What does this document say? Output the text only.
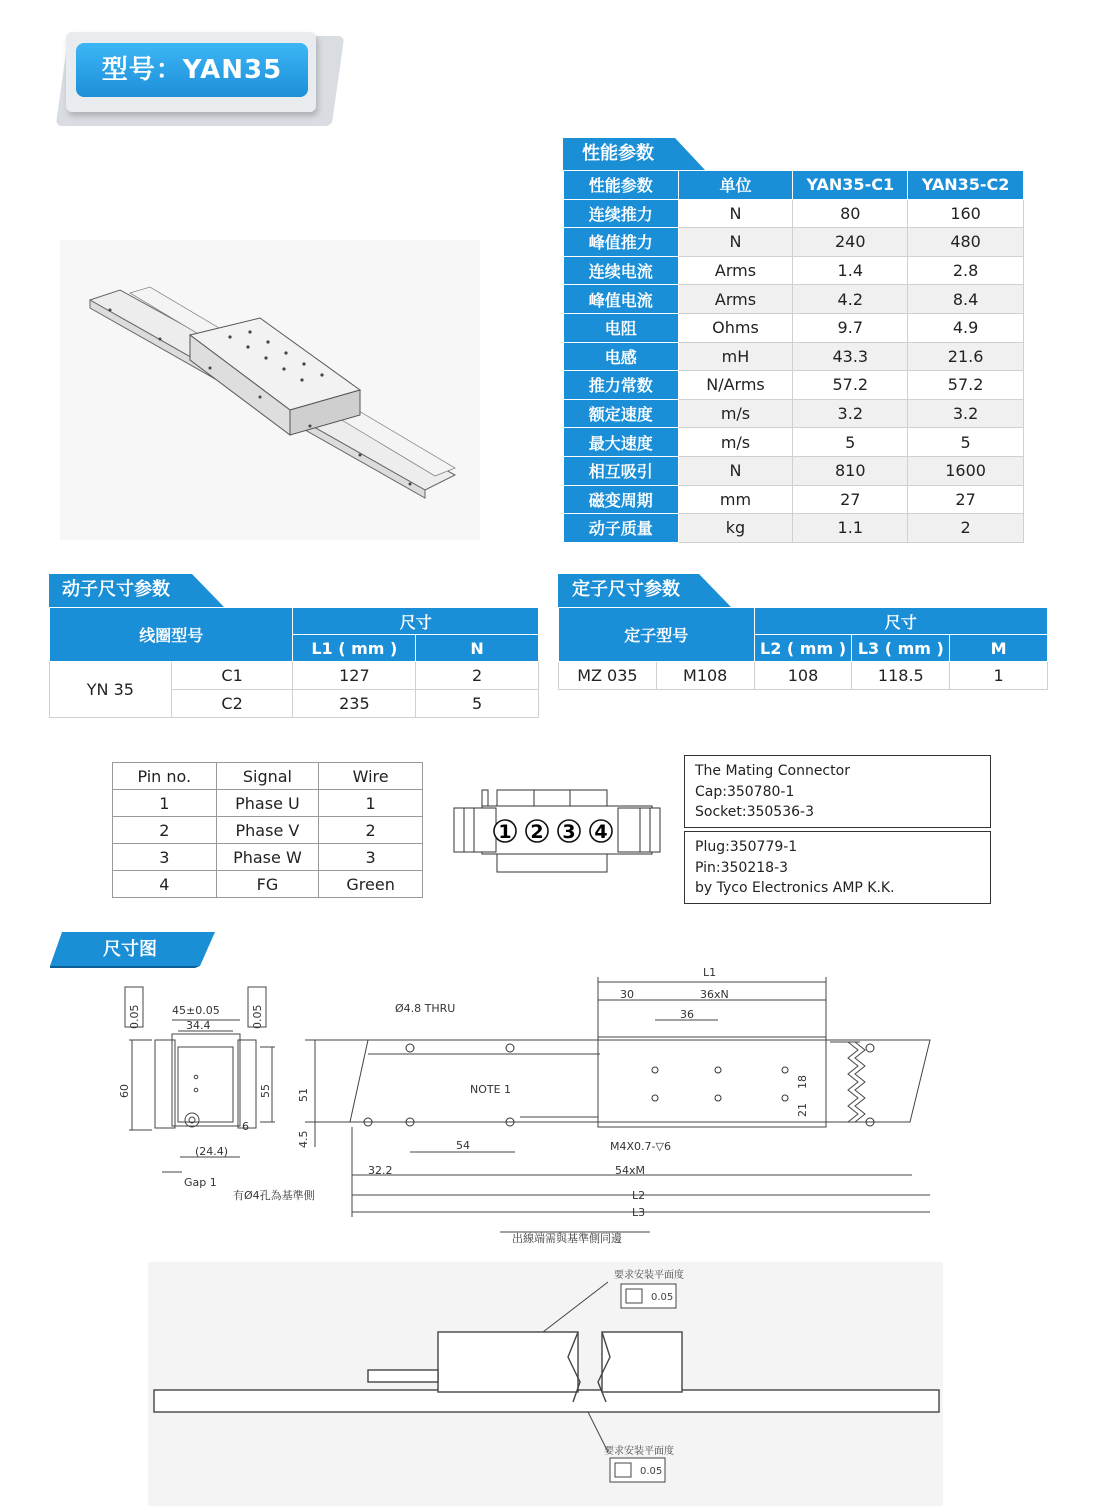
型号：YAN35
性能参数
性能参数	单位	YAN35-C1	YAN35-C2
连续推力	N	80	160
峰值推力	N	240	480
连续电流	Arms	1.4	2.8
峰值电流	Arms	4.2	8.4
电阻	Ohms	9.7	4.9
电感	mH	43.3	21.6
推力常数	N/Arms	57.2	57.2
额定速度	m/s	3.2	3.2
最大速度	m/s	5	5
相互吸引	N	810	1600
磁变周期	mm	27	27
动子质量	kg	1.1	2
动子尺寸参数
线圈型号		尺寸	
		L1 ( mm )	N
YN 35	C1	127	2
	C2	235	5
定子尺寸参数
定子型号		尺寸		
		L2 ( mm )	L3 ( mm )	M
MZ 035	M108	108	118.5	1
Pin no.	Signal	Wire
1	Phase U	1
2	Phase V	2
3	Phase W	3
4	FG	Green
1 2 3 4
The Mating Connector
Cap:350780-1
Socket:350536-3
Plug:350779-1
Pin:350218-3
by Tyco Electronics AMP K.K.
尺寸图
0.05	0.05
45±0.05
34.4
60	55
6
(24.4)
Gap 1
Ø4.8 THRU
NOTE 1
51
4.5	54
32.2	54xM
L1
30	36xN
36
18
21
M4X0.7-▽6
L2
L3
有Ø4孔為基準側
出線端需與基準側同邊
要求安装平面度
要求安装平面度
0.05
0.05
